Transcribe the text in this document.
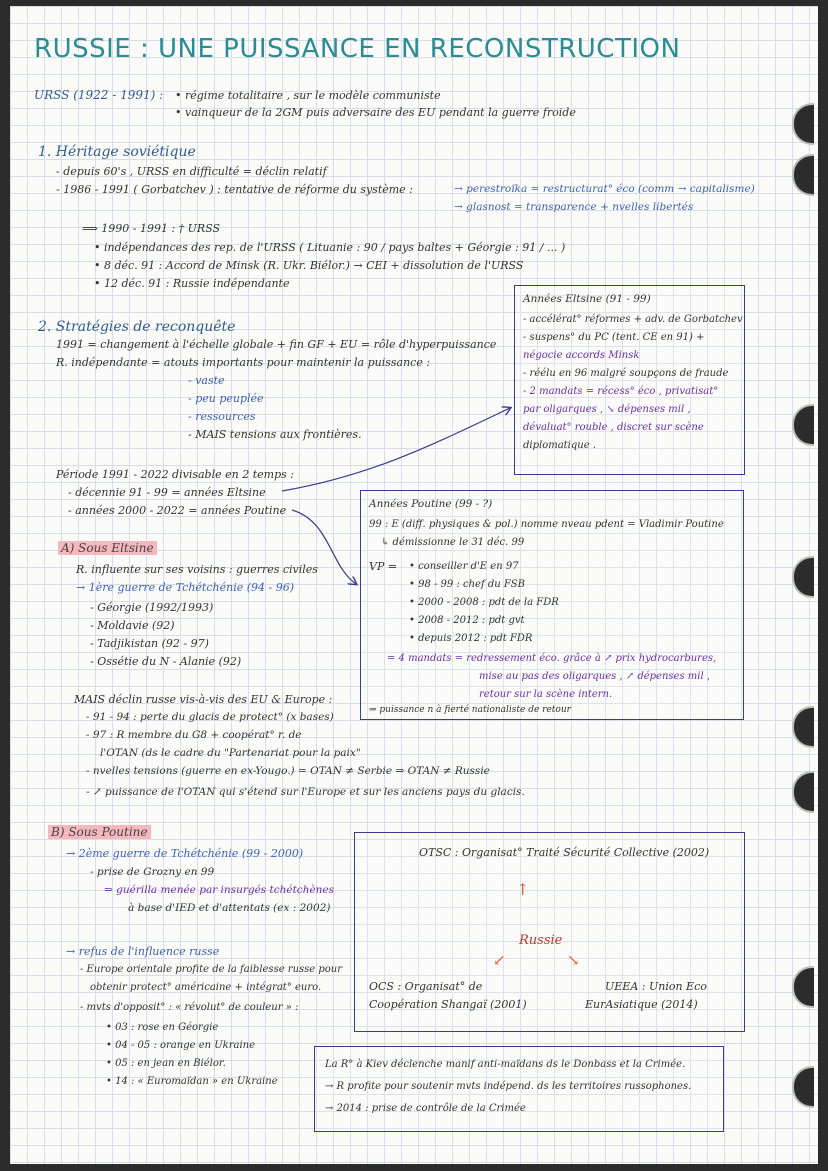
RUSSIE : UNE PUISSANCE EN RECONSTRUCTION
URSS (1922 - 1991) : • régime totalitaire , sur le modèle communiste
• vainqueur de la 2GM puis adversaire des EU pendant la guerre froide
1. Héritage soviétique
- depuis 60's , URSS en difficulté = déclin relatif
- 1986 - 1991 ( Gorbatchev ) : tentative de réforme du système :	→ perestroïka = restructurat° éco (comm → capitalisme)
→ glasnost = transparence + nvelles libertés
⟹ 1990 - 1991 : † URSS
• indépendances des rep. de l'URSS ( Lituanie : 90 / pays baltes + Géorgie : 91 / ... )
• 8 déc. 91 : Accord de Minsk (R. Ukr. Biélor.) → CEI + dissolution de l'URSS
• 12 déc. 91 : Russie indépendante
2. Stratégies de reconquête
1991 = changement à l'échelle globale + fin GF + EU = rôle d'hyperpuissance
R. indépendante = atouts importants pour maintenir la puissance :
- vaste
- peu peuplée
- ressources
- MAIS tensions aux frontières.
Période 1991 - 2022 divisable en 2 temps :
- décennie 91 - 99 = années Eltsine
- années 2000 - 2022 = années Poutine
Années Eltsine (91 - 99)
- accélérat° réformes + adv. de Gorbatchev
- suspens° du PC (tent. CE en 91) +
négocie accords Minsk
- réélu en 96 malgré soupçons de fraude
- 2 mandats = récess° éco , privatisat°
par oligarques , ↘ dépenses mil ,
dévaluat° rouble , discret sur scène
diplomatique .
Années Poutine (99 - ?)
99 : E (diff. physiques & pol.) nomme nveau pdent = Vladimir Poutine
↳ démissionne le 31 déc. 99
VP = • conseiller d'E en 97
• 98 - 99 : chef du FSB
• 2000 - 2008 : pdt de la FDR
• 2008 - 2012 : pdt gvt
• depuis 2012 : pdt FDR
= 4 mandats = redressement éco. grâce à ↗ prix hydrocarbures,
mise au pas des oligarques , ↗ dépenses mil ,
retour sur la scène intern.
⇒ puissance n à fierté nationaliste de retour
A) Sous Eltsine
R. influente sur ses voisins : guerres civiles
→ 1ère guerre de Tchétchénie (94 - 96)
- Géorgie (1992/1993)
- Moldavie (92)
- Tadjikistan (92 - 97)
- Ossétie du N - Alanie (92)
MAIS déclin russe vis-à-vis des EU & Europe :
- 91 - 94 : perte du glacis de protect° (x bases)
- 97 : R membre du G8 + coopérat° r. de
l'OTAN (ds le cadre du "Partenariat pour la paix"
- nvelles tensions (guerre en ex-Yougo.) = OTAN ≠ Serbie ⇒ OTAN ≠ Russie
- ↗ puissance de l'OTAN qui s'étend sur l'Europe et sur les anciens pays du glacis.
B) Sous Poutine
→ 2ème guerre de Tchétchénie (99 - 2000)
- prise de Grozny en 99
⇒ guérilla menée par insurgés tchétchènes
à base d'IED et d'attentats (ex : 2002)
→ refus de l'influence russe
- Europe orientale profite de la faiblesse russe pour
obtenir protect° américaine + intégrat° euro.
- mvts d'opposit° : « révolut° de couleur » :
• 03 : rose en Géorgie
• 04 - 05 : orange en Ukraine
• 05 : en jean en Biélor.
• 14 : « Euromaïdan » en Ukraine
OTSC : Organisat° Traité Sécurité Collective (2002)
↑
Russie
↙	↘
OCS : Organisat° de
Coopération Shangaï (2001)
UEEA : Union Eco
EurAsiatique (2014)
La R° à Kiev déclenche manif anti-maïdans ds le Donbass et la Crimée.
→ R profite pour soutenir mvts indépend. ds les territoires russophones.
→ 2014 : prise de contrôle de la Crimée
